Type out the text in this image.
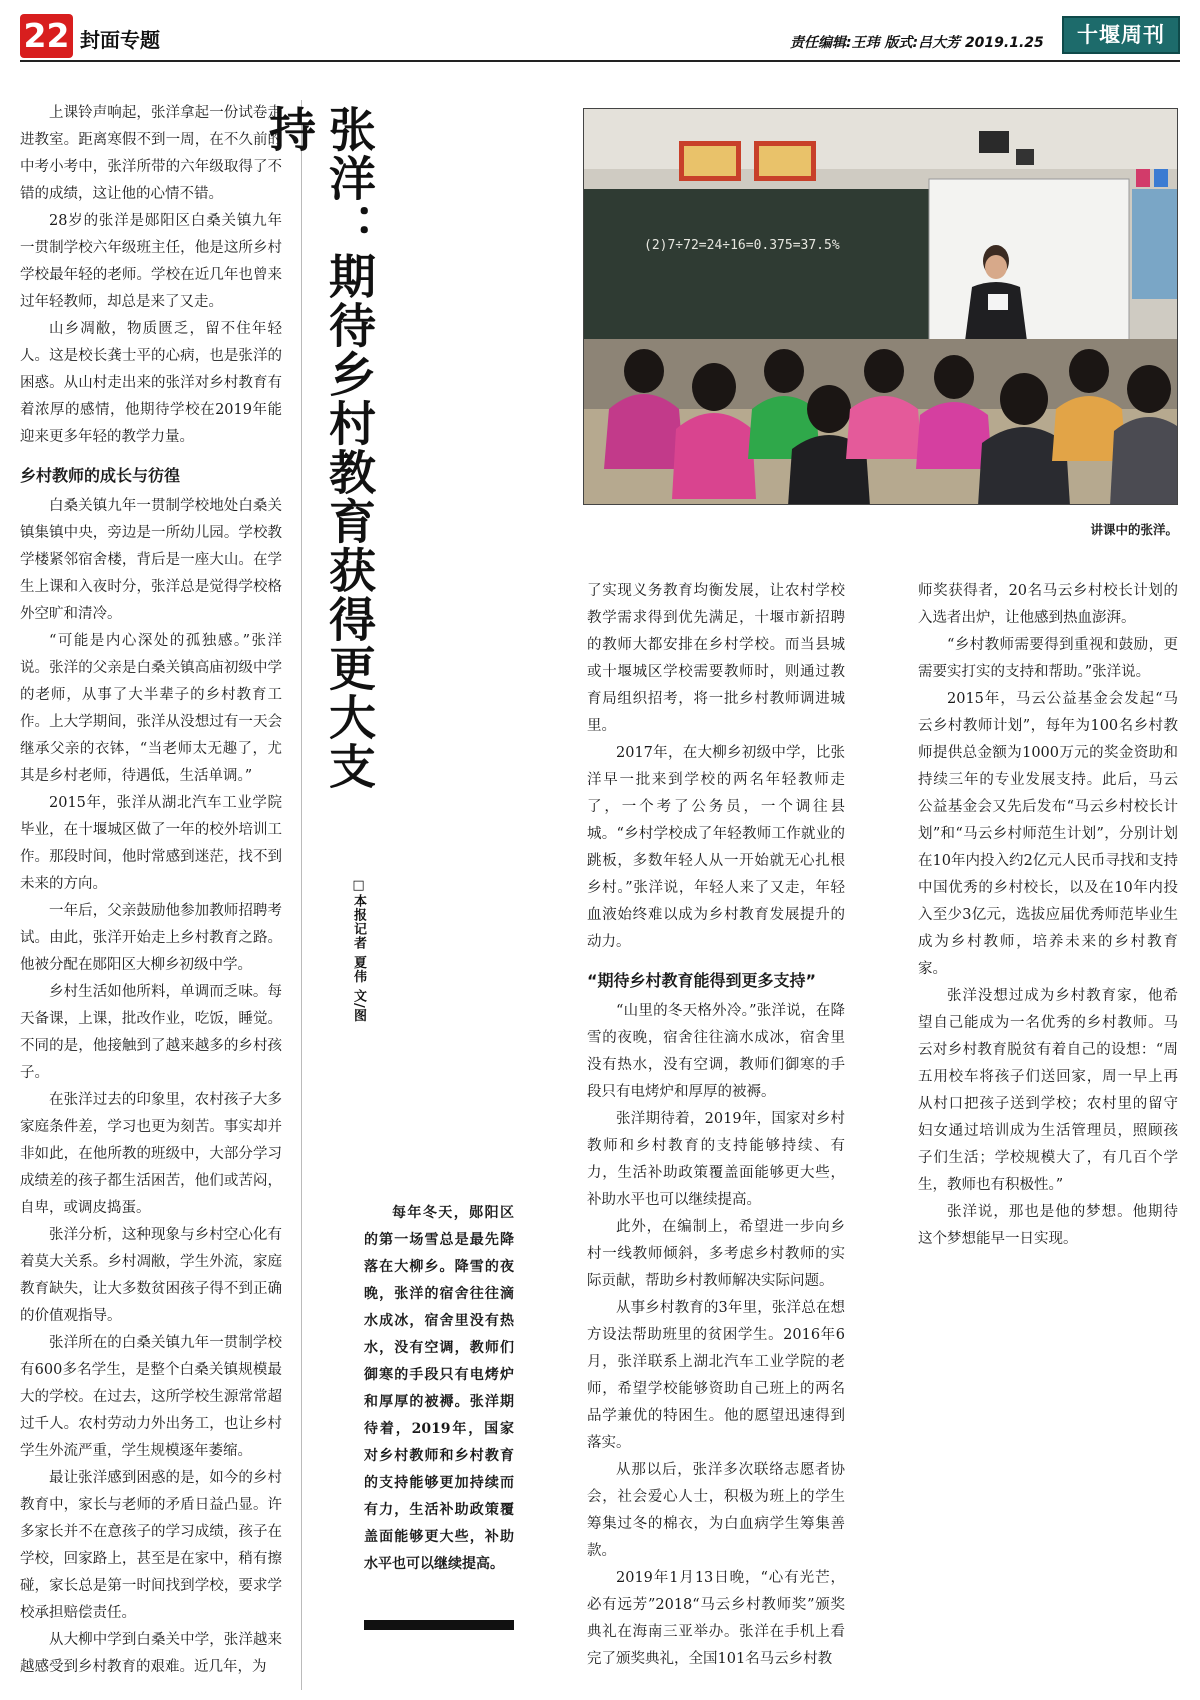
22 封面专题	责任编辑:王玮 版式:吕大芳 2019.1.25	十堰周刊

上课铃声响起，张洋拿起一份试卷走进教室。距离寒假不到一周，在不久前的中考小考中，张洋所带的六年级取得了不错的成绩，这让他的心情不错。

28岁的张洋是郧阳区白桑关镇九年一贯制学校六年级班主任，他是这所乡村学校最年轻的老师。学校在近几年也曾来过年轻教师，却总是来了又走。

山乡凋敝，物质匮乏，留不住年轻人。这是校长龚士平的心病，也是张洋的困惑。从山村走出来的张洋对乡村教育有着浓厚的感情，他期待学校在2019年能迎来更多年轻的教学力量。

乡村教师的成长与彷徨

白桑关镇九年一贯制学校地处白桑关镇集镇中央，旁边是一所幼儿园。学校教学楼紧邻宿舍楼，背后是一座大山。在学生上课和入夜时分，张洋总是觉得学校格外空旷和清冷。

“可能是内心深处的孤独感。”张洋说。张洋的父亲是白桑关镇高庙初级中学的老师，从事了大半辈子的乡村教育工作。上大学期间，张洋从没想过有一天会继承父亲的衣钵，“当老师太无趣了，尤其是乡村老师，待遇低，生活单调。”

2015年，张洋从湖北汽车工业学院毕业，在十堰城区做了一年的校外培训工作。那段时间，他时常感到迷茫，找不到未来的方向。

一年后，父亲鼓励他参加教师招聘考试。由此，张洋开始走上乡村教育之路。他被分配在郧阳区大柳乡初级中学。

乡村生活如他所料，单调而乏味。每天备课，上课，批改作业，吃饭，睡觉。不同的是，他接触到了越来越多的乡村孩子。

在张洋过去的印象里，农村孩子大多家庭条件差，学习也更为刻苦。事实却并非如此，在他所教的班级中，大部分学习成绩差的孩子都生活困苦，他们或苦闷，自卑，或调皮捣蛋。

张洋分析，这种现象与乡村空心化有着莫大关系。乡村凋敝，学生外流，家庭教育缺失，让大多数贫困孩子得不到正确的价值观指导。

张洋所在的白桑关镇九年一贯制学校有600多名学生，是整个白桑关镇规模最大的学校。在过去，这所学校生源常常超过千人。农村劳动力外出务工，也让乡村学生外流严重，学生规模逐年萎缩。

最让张洋感到困惑的是，如今的乡村教育中，家长与老师的矛盾日益凸显。许多家长并不在意孩子的学习成绩，孩子在学校，回家路上，甚至是在家中，稍有擦碰，家长总是第一时间找到学校，要求学校承担赔偿责任。

从大柳中学到白桑关中学，张洋越来越感受到乡村教育的艰难。近几年，为

张洋：期待乡村教育获得更大支持
□本报记者 夏伟 文/图
每年冬天，郧阳区的第一场雪总是最先降落在大柳乡。降雪的夜晚，张洋的宿舍往往滴水成冰，宿舍里没有热水，没有空调，教师们御寒的手段只有电烤炉和厚厚的被褥。张洋期待着，2019年，国家对乡村教师和乡村教育的支持能够更加持续而有力，生活补助政策覆盖面能够更大些，补助水平也可以继续提高。
(2)7÷72=24÷16=0.375=37.5%
讲课中的张洋。

了实现义务教育均衡发展，让农村学校教学需求得到优先满足，十堰市新招聘的教师大都安排在乡村学校。而当县城或十堰城区学校需要教师时，则通过教育局组织招考，将一批乡村教师调进城里。

2017年，在大柳乡初级中学，比张洋早一批来到学校的两名年轻教师走了，一个考了公务员，一个调往县城。“乡村学校成了年轻教师工作就业的跳板，多数年轻人从一开始就无心扎根乡村。”张洋说，年轻人来了又走，年轻血液始终难以成为乡村教育发展提升的动力。

“期待乡村教育能得到更多支持”

“山里的冬天格外冷。”张洋说，在降雪的夜晚，宿舍往往滴水成冰，宿舍里没有热水，没有空调，教师们御寒的手段只有电烤炉和厚厚的被褥。

张洋期待着，2019年，国家对乡村教师和乡村教育的支持能够持续、有力，生活补助政策覆盖面能够更大些，补助水平也可以继续提高。

此外，在编制上，希望进一步向乡村一线教师倾斜，多考虑乡村教师的实际贡献，帮助乡村教师解决实际问题。

从事乡村教育的3年里，张洋总在想方设法帮助班里的贫困学生。2016年6月，张洋联系上湖北汽车工业学院的老师，希望学校能够资助自己班上的两名品学兼优的特困生。他的愿望迅速得到落实。

从那以后，张洋多次联络志愿者协会，社会爱心人士，积极为班上的学生筹集过冬的棉衣，为白血病学生筹集善款。

2019年1月13日晚，“心有光芒，必有远芳”2018“马云乡村教师奖”颁奖典礼在海南三亚举办。张洋在手机上看完了颁奖典礼，全国101名马云乡村教

师奖获得者，20名马云乡村校长计划的入选者出炉，让他感到热血澎湃。

“乡村教师需要得到重视和鼓励，更需要实打实的支持和帮助。”张洋说。

2015年，马云公益基金会发起“马云乡村教师计划”，每年为100名乡村教师提供总金额为1000万元的奖金资助和持续三年的专业发展支持。此后，马云公益基金会又先后发布“马云乡村校长计划”和“马云乡村师范生计划”，分别计划在10年内投入约2亿元人民币寻找和支持中国优秀的乡村校长，以及在10年内投入至少3亿元，选拔应届优秀师范毕业生成为乡村教师，培养未来的乡村教育家。

张洋没想过成为乡村教育家，他希望自己能成为一名优秀的乡村教师。马云对乡村教育脱贫有着自己的设想：“周五用校车将孩子们送回家，周一早上再从村口把孩子送到学校；农村里的留守妇女通过培训成为生活管理员，照顾孩子们生活；学校规模大了，有几百个学生，教师也有积极性。”

张洋说，那也是他的梦想。他期待这个梦想能早一日实现。
